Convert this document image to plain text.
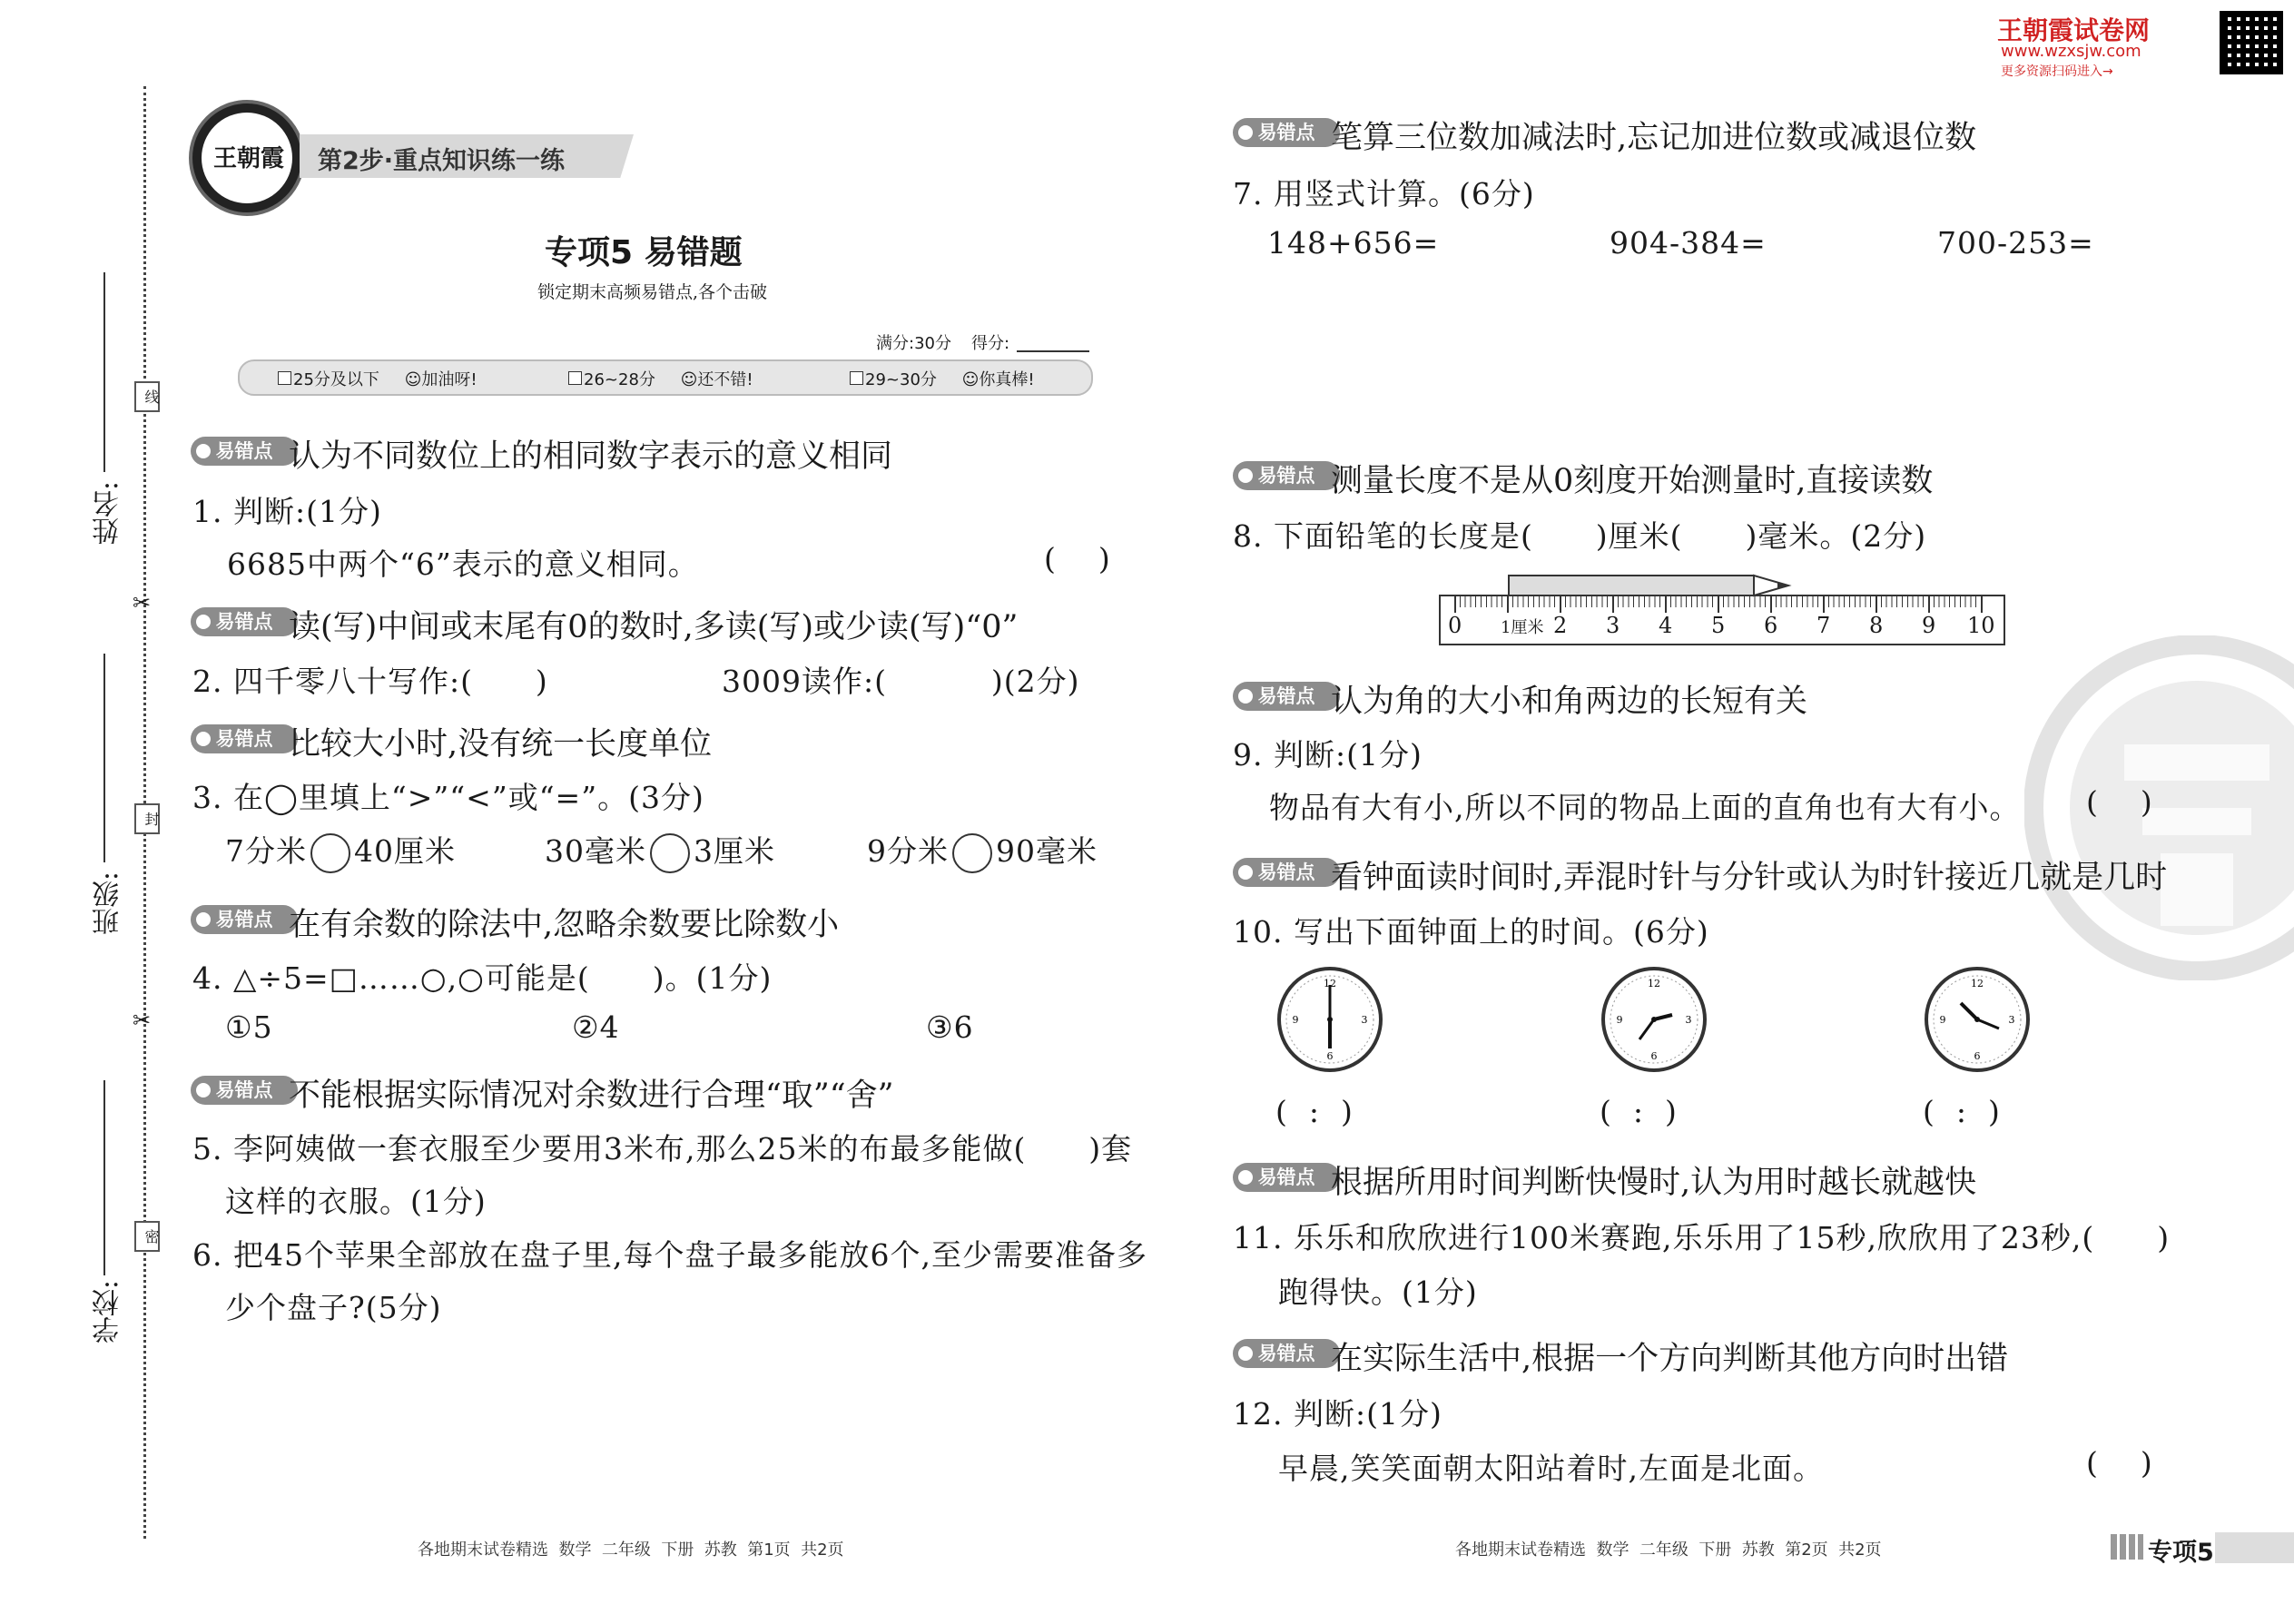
王朝霞试卷网
www.wzxsjw.com
更多资源扫码进入→
线
封
密
✂
✂
姓名:
班级:
学校:
王朝霞	第2步·重点知识练一练
专项5 易错题
锁定期末高频易错点,各个击破
满分:30分 得分:
25分及以下 ☺加油呀!	26~28分 ☺还不错!	29~30分 ☺你真棒!
易错点 认为不同数位上的相同数字表示的意义相同
1. 判断:(1分)
6685中两个“6”表示的意义相同。	(    )
易错点 读(写)中间或末尾有0的数时,多读(写)或少读(写)“0”
2. 四千零八十写作:(      )	3009读作:(          )(2分)
易错点 比较大小时,没有统一长度单位
3. 在◯里填上“>”“<”或“=”。(3分)
7分米 40厘米	30毫米 3厘米	9分米 90毫米
易错点 在有余数的除法中,忽略余数要比除数小
4. △÷5=□……○,○可能是(      )。(1分)
①5	②4	③6
易错点 不能根据实际情况对余数进行合理“取”“舍”
5. 李阿姨做一套衣服至少要用3米布,那么25米的布最多能做(      )套
这样的衣服。(1分)
6. 把45个苹果全部放在盘子里,每个盘子最多能放6个,至少需要准备多
少个盘子?(5分)
各地期末试卷精选  数学  二年级  下册  苏教  第1页  共2页
易错点 笔算三位数加减法时,忘记加进位数或减退位数
7. 用竖式计算。(6分)
148+656=	904-384=	700-253=
易错点 测量长度不是从0刻度开始测量时,直接读数
8. 下面铅笔的长度是(      )厘米(      )毫米。(2分)
0 1厘米 2 3 4 5 6 7 8 9 10
易错点 认为角的大小和角两边的长短有关
9. 判断:(1分)
物品有大有小,所以不同的物品上面的直角也有大有小。 (    )
易错点 看钟面读时间时,弄混时针与分针或认为时针接近几就是几时
10. 写出下面钟面上的时间。(6分)
12
3
6
9
12
3
6
9
12
3
6
9
(  :  )	(  :  )	(  :  )
易错点 根据所用时间判断快慢时,认为用时越长就越快
11. 乐乐和欣欣进行100米赛跑,乐乐用了15秒,欣欣用了23秒,(      )
跑得快。(1分)
易错点 在实际生活中,根据一个方向判断其他方向时出错
12. 判断:(1分)
早晨,笑笑面朝太阳站着时,左面是北面。	(    )
各地期末试卷精选  数学  二年级  下册  苏教  第2页  共2页	专项5
